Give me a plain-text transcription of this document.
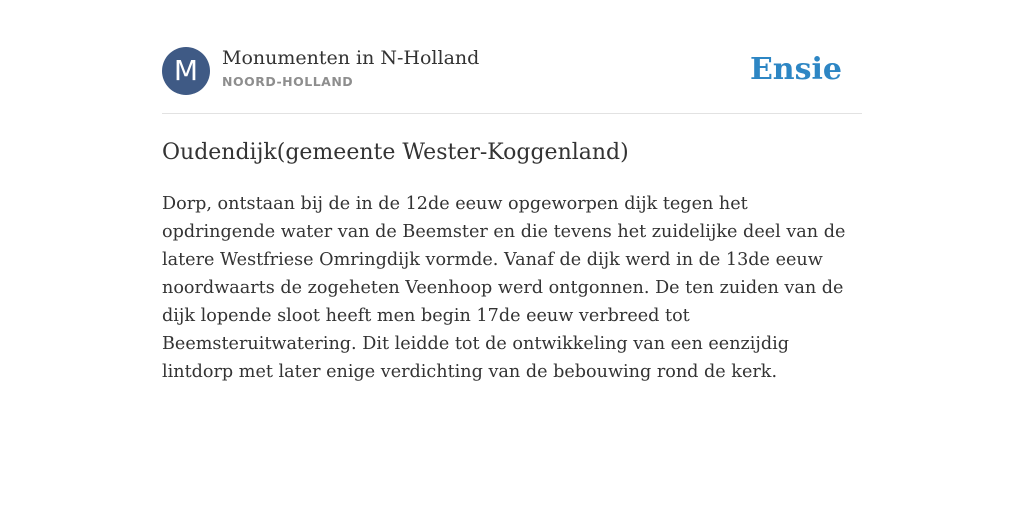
M	Monumenten in N-Holland
NOORD-HOLLAND	Ensie
Oudendijk(gemeente Wester-Koggenland)

Dorp, ontstaan bij de in de 12de eeuw opgeworpen dijk tegen het opdringende water van de Beemster en die tevens het zuidelijke deel van de latere Westfriese Omringdijk vormde. Vanaf de dijk werd in de 13de eeuw noordwaarts de zogeheten Veenhoop werd ontgonnen. De ten zuiden van de dijk lopende sloot heeft men begin 17de eeuw verbreed tot Beemsteruitwatering. Dit leidde tot de ontwikkeling van een eenzijdig lintdorp met later enige verdichting van de bebouwing rond de kerk.
